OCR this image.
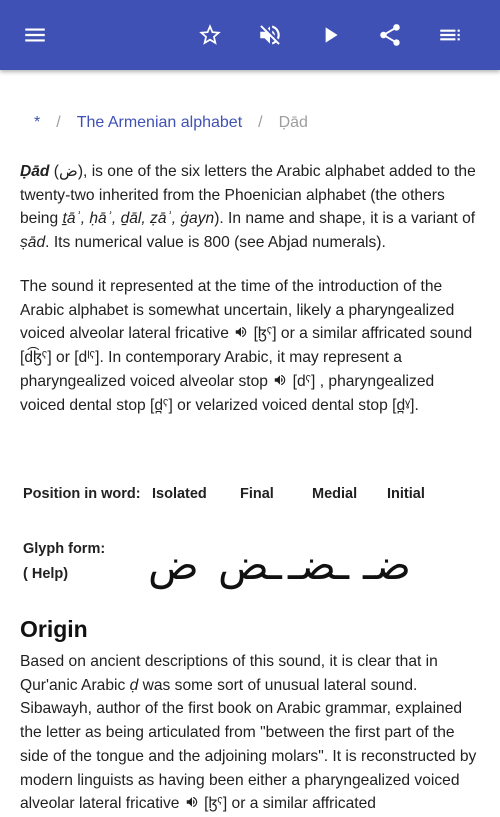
* / The Armenian alphabet / Ḍād

Ḍād (ض), is one of the six letters the Arabic alphabet added to the twenty-two inherited from the Phoenician alphabet (the others being ṯāʾ, ḥāʾ, ḏāl, ẓāʾ, ġayn). In name and shape, it is a variant of ṣād. Its numerical value is 800 (see Abjad numerals).

The sound it represented at the time of the introduction of the Arabic alphabet is somewhat uncertain, likely a pharyngealized voiced alveolar lateral fricative  [ɮˤ] or a similar affricated sound [d͡ɮˤ] or [dˡˤ]. In contemporary Arabic, it may represent a pharyngealized voiced alveolar stop  [dˤ] , pharyngealized voiced dental stop [d̪ˤ] or velarized voiced dental stop [d̪ˠ].

Position in word: Isolated Final	Medial Initial
Glyph form:
( Help)	ض ـض ـضـ ضـ
Origin

Based on ancient descriptions of this sound, it is clear that in Qur'anic Arabic ḍ was some sort of unusual lateral sound. Sibawayh, author of the first book on Arabic grammar, explained the letter as being articulated from "between the first part of the side of the tongue and the adjoining molars". It is reconstructed by modern linguists as having been either a pharyngealized voiced alveolar lateral fricative  [ɮˤ] or a similar affricated
